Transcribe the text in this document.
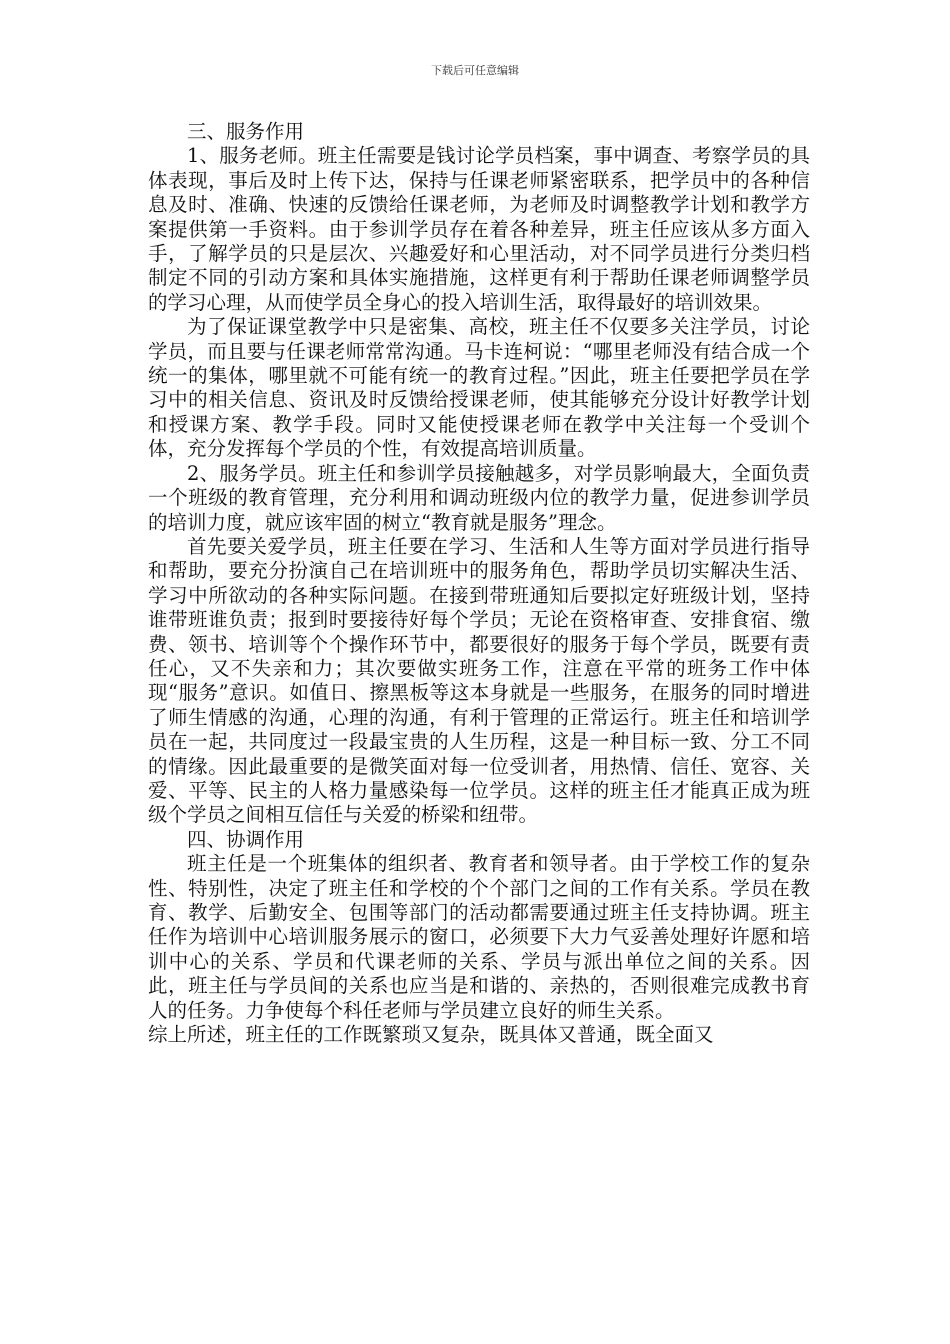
下载后可任意编辑

三、服务作用

1、服务老师。班主任需要是钱讨论学员档案，事中调查、考察学员的具体表现，事后及时上传下达，保持与任课老师紧密联系，把学员中的各种信息及时、准确、快速的反馈给任课老师，为老师及时调整教学计划和教学方案提供第一手资料。由于参训学员存在着各种差异，班主任应该从多方面入手，了解学员的只是层次、兴趣爱好和心里活动，对不同学员进行分类归档制定不同的引动方案和具体实施措施，这样更有利于帮助任课老师调整学员的学习心理，从而使学员全身心的投入培训生活，取得最好的培训效果。

为了保证课堂教学中只是密集、高校，班主任不仅要多关注学员，讨论学员，而且要与任课老师常常沟通。马卡连柯说：“哪里老师没有结合成一个统一的集体，哪里就不可能有统一的教育过程。”因此，班主任要把学员在学习中的相关信息、资讯及时反馈给授课老师，使其能够充分设计好教学计划和授课方案、教学手段。同时又能使授课老师在教学中关注每一个受训个体，充分发挥每个学员的个性，有效提高培训质量。

2、服务学员。班主任和参训学员接触越多，对学员影响最大，全面负责一个班级的教育管理，充分利用和调动班级内位的教学力量，促进参训学员的培训力度，就应该牢固的树立“教育就是服务”理念。

首先要关爱学员，班主任要在学习、生活和人生等方面对学员进行指导和帮助，要充分扮演自己在培训班中的服务角色，帮助学员切实解决生活、学习中所欲动的各种实际问题。在接到带班通知后要拟定好班级计划，坚持谁带班谁负责；报到时要接待好每个学员；无论在资格审查、安排食宿、缴费、领书、培训等个个操作环节中，都要很好的服务于每个学员，既要有责任心，又不失亲和力；其次要做实班务工作，注意在平常的班务工作中体现“服务”意识。如值日、擦黑板等这本身就是一些服务，在服务的同时增进了师生情感的沟通，心理的沟通，有利于管理的正常运行。班主任和培训学员在一起，共同度过一段最宝贵的人生历程，这是一种目标一致、分工不同的情缘。因此最重要的是微笑面对每一位受训者，用热情、信任、宽容、关爱、平等、民主的人格力量感染每一位学员。这样的班主任才能真正成为班级个学员之间相互信任与关爱的桥梁和纽带。

四、协调作用

班主任是一个班集体的组织者、教育者和领导者。由于学校工作的复杂性、特别性，决定了班主任和学校的个个部门之间的工作有关系。学员在教育、教学、后勤安全、包围等部门的活动都需要通过班主任支持协调。班主任作为培训中心培训服务展示的窗口，必须要下大力气妥善处理好许愿和培训中心的关系、学员和代课老师的关系、学员与派出单位之间的关系。因此，班主任与学员间的关系也应当是和谐的、亲热的，否则很难完成教书育人的任务。力争使每个科任老师与学员建立良好的师生关系。

综上所述，班主任的工作既繁琐又复杂，既具体又普通，既全面又
